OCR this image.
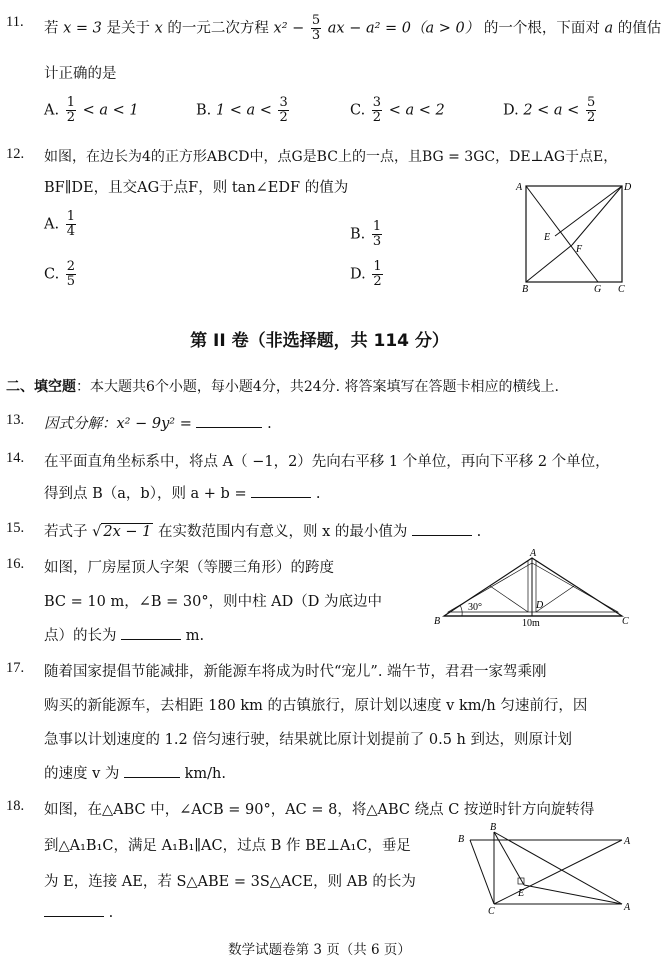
11. 若 x = 3 是关于 x 的一元二次方程 $x^2 - \frac{5}{3}$ ax − a² = 0（a > 0） 的一个根，下面对 a 的值估
计正确的是
A. $\frac{1}{2} < a < 1$	B. $1 < a < \frac{3}{2}$	C. $\frac{3}{2} < a < 2$	D. $2 < a < \frac{5}{2}$
12. 如图，在边长为4的正方形ABCD中，点G是BC上的一点，且BG = 3GC，DE⊥AG于点E，
BF∥DE，且交AG于点F，则 tan∠EDF 的值为
A. $\frac{1}{4}$	B. $\frac{1}{3}$
C. $\frac{2}{5}$	D. $\frac{1}{2}$
A	D
B	G C
E
F
第 II 卷（非选择题，共 114 分）
二、填空题：本大题共6个小题，每小题4分，共24分. 将答案填写在答题卡相应的横线上.
13. 因式分解：x² − 9y² =	.
14. 在平面直角坐标系中，将点 A（ −1，2）先向右平移 1 个单位，再向下平移 2 个单位，
得到点 B（a，b），则 a + b =	.
15. 若式子 √ 2x − 1 在实数范围内有意义，则 x 的最小值为	.
16. 如图，厂房屋顶人字架（等腰三角形）的跨度
BC = 10 m，∠B = 30°，则中柱 AD（D 为底边中
点）的长为	m.
A
B	C
D
30°
10m
17. 随着国家提倡节能减排，新能源车将成为时代“宠儿”. 端午节，君君一家驾乘刚
购买的新能源车，去相距 180 km 的古镇旅行，原计划以速度 v km/h 匀速前行，因
急事以计划速度的 1.2 倍匀速行驶，结果就比原计划提前了 0.5 h 到达，则原计划
的速度 v 为	km/h.
18. 如图，在△ABC 中，∠ACB = 90°，AC = 8，将△ABC 绕点 C 按逆时针方向旋转得
到△A₁B₁C，满足 A₁B₁∥AC，过点 B 作 BE⊥A₁C，垂足
为 E，连接 AE，若 S△ABE = 3S△ACE，则 AB 的长为
.
B
B
A
C	A
E
数学试题卷第 3 页（共 6 页）
